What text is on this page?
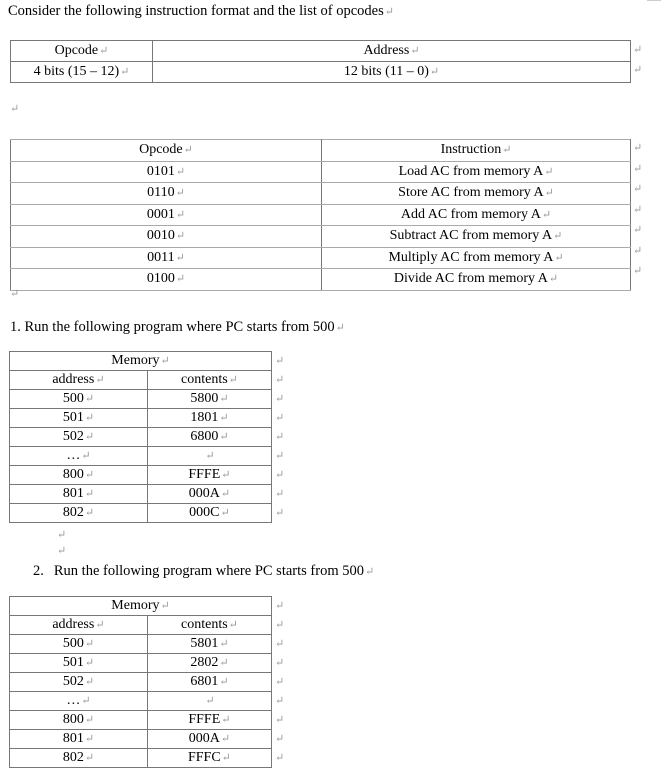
Consider the following instruction format and the list of opcodes↵
Opcode↵	Address↵
4 bits (15 – 12)↵	12 bits (11 – 0)↵
↵
↵
↵
Opcode↵	Instruction↵
0101↵	Load AC from memory A↵
0110↵	Store AC from memory A↵
0001↵	Add AC from memory A↵
0010↵	Subtract AC from memory A↵
0011↵	Multiply AC from memory A↵
0100↵	Divide AC from memory A↵
↵
↵
↵
↵
↵
↵
↵
↵
1. Run the following program where PC starts from 500↵
Memory↵	
address↵	contents↵
500↵	5800↵
501↵	1801↵
502↵	6800↵
…↵	↵
800↵	FFFE↵
801↵	000A↵
802↵	000C↵
↵
↵
↵
↵
↵
↵
↵
↵
↵
↵
↵
2. Run the following program where PC starts from 500↵
Memory↵	
address↵	contents↵
500↵	5801↵
501↵	2802↵
502↵	6801↵
…↵	↵
800↵	FFFE↵
801↵	000A↵
802↵	FFFC↵
↵
↵
↵
↵
↵
↵
↵
↵
↵
